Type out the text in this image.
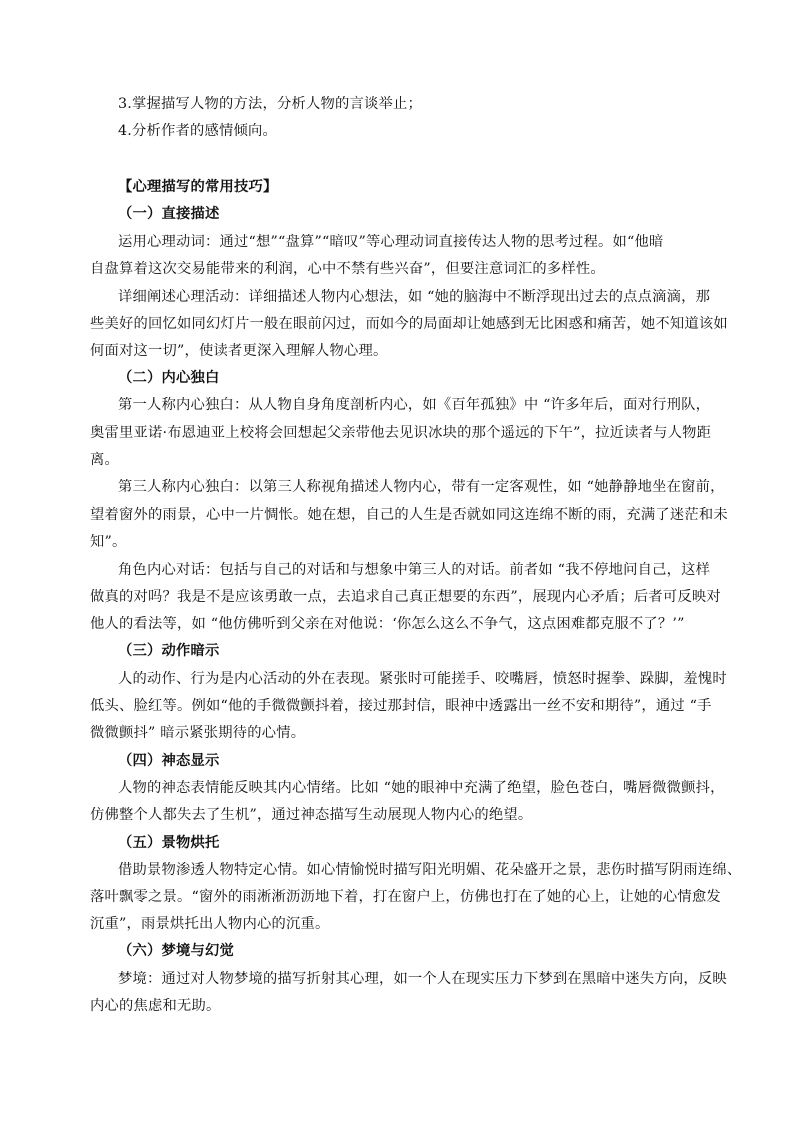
3.掌握描写人物的方法，分析人物的言谈举止；
4.分析作者的感情倾向。
【心理描写的常用技巧】
（一）直接描述
运用心理动词：通过“想”“盘算”“暗叹”等心理动词直接传达人物的思考过程。如“他暗
自盘算着这次交易能带来的利润，心中不禁有些兴奋”，但要注意词汇的多样性。
详细阐述心理活动：详细描述人物内心想法，如 “她的脑海中不断浮现出过去的点点滴滴，那
些美好的回忆如同幻灯片一般在眼前闪过，而如今的局面却让她感到无比困惑和痛苦，她不知道该如
何面对这一切”，使读者更深入理解人物心理。
（二）内心独白
第一人称内心独白：从人物自身角度剖析内心，如《百年孤独》中 “许多年后，面对行刑队，
奥雷里亚诺·布恩迪亚上校将会回想起父亲带他去见识冰块的那个遥远的下午”，拉近读者与人物距
离。
第三人称内心独白：以第三人称视角描述人物内心，带有一定客观性，如 “她静静地坐在窗前，
望着窗外的雨景，心中一片惆怅。她在想，自己的人生是否就如同这连绵不断的雨，充满了迷茫和未
知”。
角色内心对话：包括与自己的对话和与想象中第三人的对话。前者如 “我不停地问自己，这样
做真的对吗？我是不是应该勇敢一点，去追求自己真正想要的东西”，展现内心矛盾；后者可反映对
他人的看法等，如 “他仿佛听到父亲在对他说：‘你怎么这么不争气，这点困难都克服不了？’”
（三）动作暗示
人的动作、行为是内心活动的外在表现。紧张时可能搓手、咬嘴唇，愤怒时握拳、跺脚，羞愧时
低头、脸红等。例如“他的手微微颤抖着，接过那封信，眼神中透露出一丝不安和期待”，通过 “手
微微颤抖” 暗示紧张期待的心情。
（四）神态显示
人物的神态表情能反映其内心情绪。比如 “她的眼神中充满了绝望，脸色苍白，嘴唇微微颤抖，
仿佛整个人都失去了生机”，通过神态描写生动展现人物内心的绝望。
（五）景物烘托
借助景物渗透人物特定心情。如心情愉悦时描写阳光明媚、花朵盛开之景，悲伤时描写阴雨连绵、
落叶飘零之景。“窗外的雨淅淅沥沥地下着，打在窗户上，仿佛也打在了她的心上，让她的心情愈发
沉重”，雨景烘托出人物内心的沉重。
（六）梦境与幻觉
梦境：通过对人物梦境的描写折射其心理，如一个人在现实压力下梦到在黑暗中迷失方向，反映
内心的焦虑和无助。
